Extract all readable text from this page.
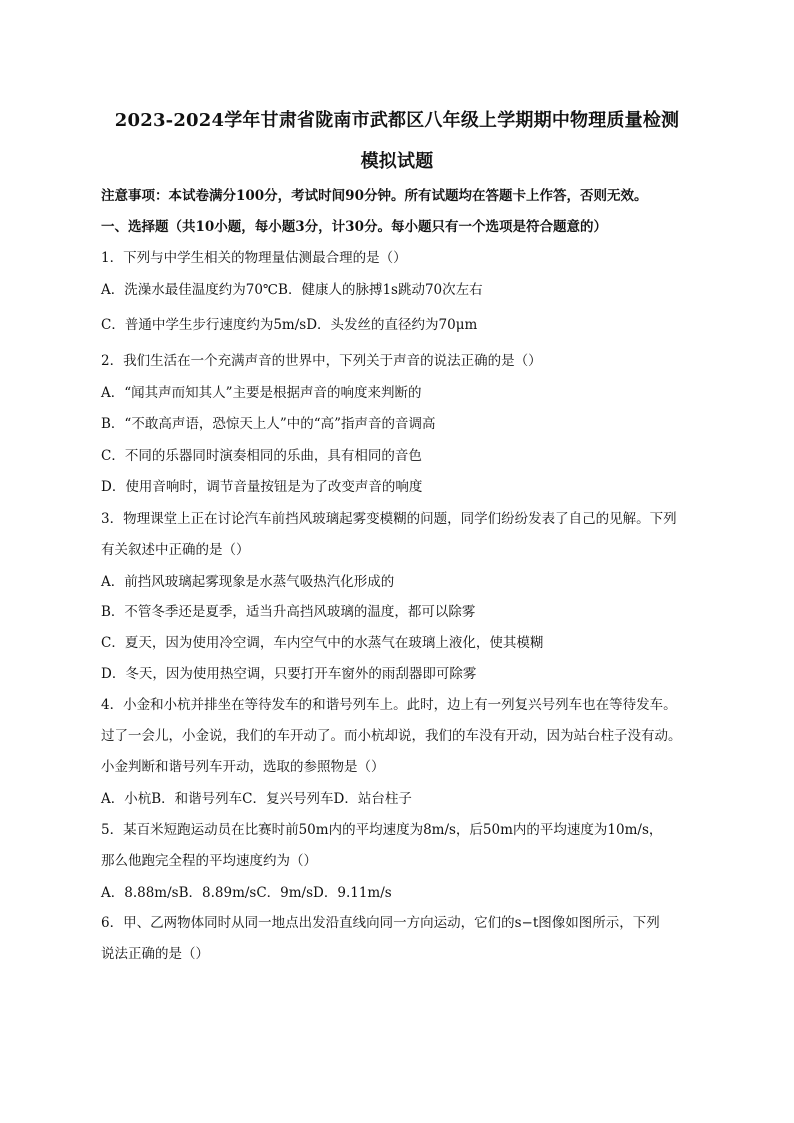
2023-2024学年甘肃省陇南市武都区八年级上学期期中物理质量检测
模拟试题
注意事项：本试卷满分100分，考试时间90分钟。所有试题均在答题卡上作答，否则无效。
一、选择题（共10小题，每小题3分，计30分。每小题只有一个选项是符合题意的）
1．下列与中学生相关的物理量估测最合理的是（）
A．洗澡水最佳温度约为70℃B．健康人的脉搏1s跳动70次左右
C．普通中学生步行速度约为5m/sD．头发丝的直径约为70μm
2．我们生活在一个充满声音的世界中，下列关于声音的说法正确的是（）
A．“闻其声而知其人”主要是根据声音的响度来判断的
B．“不敢高声语，恐惊天上人”中的“高”指声音的音调高
C．不同的乐器同时演奏相同的乐曲，具有相同的音色
D．使用音响时，调节音量按钮是为了改变声音的响度
3．物理课堂上正在讨论汽车前挡风玻璃起雾变模糊的问题，同学们纷纷发表了自己的见解。下列
有关叙述中正确的是（）
A．前挡风玻璃起雾现象是水蒸气吸热汽化形成的
B．不管冬季还是夏季，适当升高挡风玻璃的温度，都可以除雾
C．夏天，因为使用冷空调，车内空气中的水蒸气在玻璃上液化，使其模糊
D．冬天，因为使用热空调，只要打开车窗外的雨刮器即可除雾
4．小金和小杭并排坐在等待发车的和谐号列车上。此时，边上有一列复兴号列车也在等待发车。
过了一会儿，小金说，我们的车开动了。而小杭却说，我们的车没有开动，因为站台柱子没有动。
小金判断和谐号列车开动，选取的参照物是（）
A．小杭B．和谐号列车C．复兴号列车D．站台柱子
5．某百米短跑运动员在比赛时前50m内的平均速度为8m/s，后50m内的平均速度为10m/s，
那么他跑完全程的平均速度约为（）
A．8.88m/sB．8.89m/sC．9m/sD．9.11m/s
6．甲、乙两物体同时从同一地点出发沿直线向同一方向运动，它们的s−t图像如图所示，下列
说法正确的是（）
